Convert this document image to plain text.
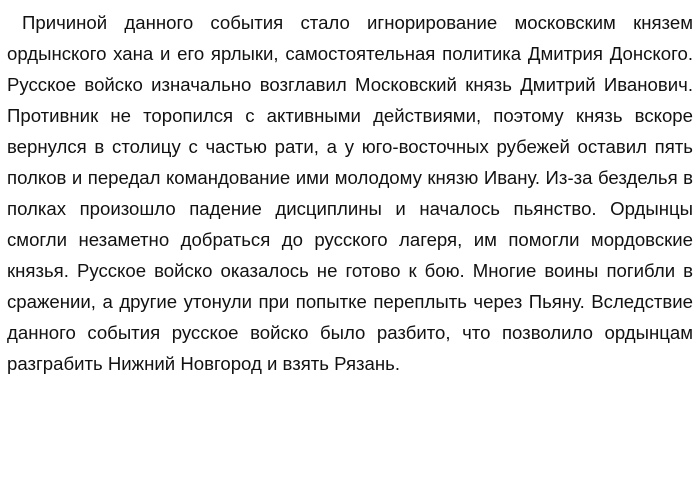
Причиной данного события стало игнорирование московским князем ордынского хана и его ярлыки, самостоятельная политика Дмитрия Донского. Русское войско изначально возглавил Московский князь Дмитрий Иванович. Противник не торопился с активными действиями, поэтому князь вскоре вернулся в столицу с частью рати, а у юго-восточных рубежей оставил пять полков и передал командование ими молодому князю Ивану. Из-за безделья в полках произошло падение дисциплины и началось пьянство. Ордынцы смогли незаметно добраться до русского лагеря, им помогли мордовские князья. Русское войско оказалось не готово к бою. Многие воины погибли в сражении, а другие утонули при попытке переплыть через Пьяну. Вследствие данного события русское войско было разбито, что позволило ордынцам разграбить Нижний Новгород и взять Рязань.
